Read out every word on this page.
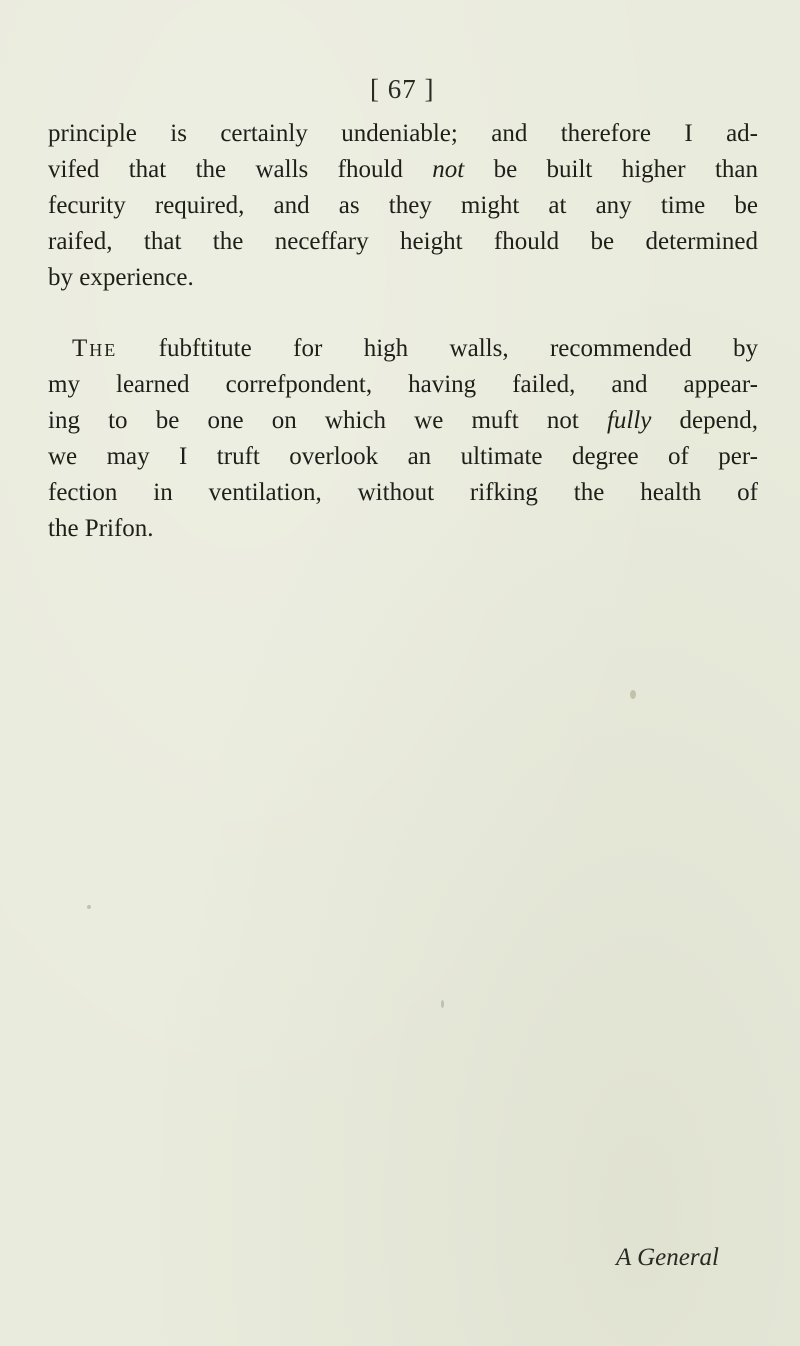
[ 67 ]
principle is certainly undeniable; and therefore I ad-
vifed that the walls fhould not be built higher than
fecurity required, and as they might at any time be
raifed, that the neceffary height fhould be determined
by experience.
The fubftitute for high walls, recommended by
my learned correfpondent, having failed, and appear-
ing to be one on which we muft not fully depend,
we may I truft overlook an ultimate degree of per-
fection in ventilation, without rifking the health of
the Prifon.
A General
